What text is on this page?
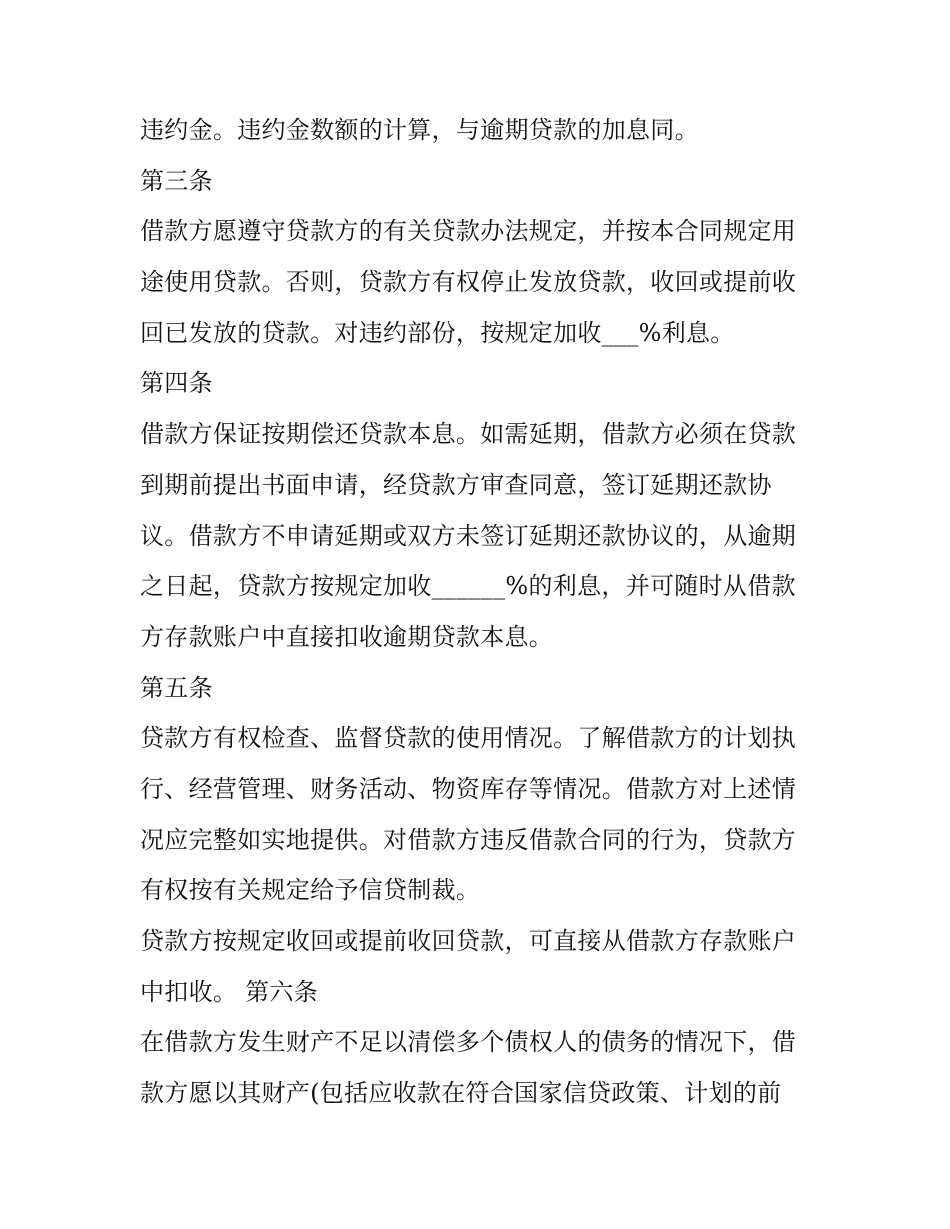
违约金。违约金数额的计算，与逾期贷款的加息同。
第三条
借款方愿遵守贷款方的有关贷款办法规定，并按本合同规定用
途使用贷款。否则，贷款方有权停止发放贷款，收回或提前收
回已发放的贷款。对违约部份，按规定加收___%利息。
第四条
借款方保证按期偿还贷款本息。如需延期，借款方必须在贷款
到期前提出书面申请，经贷款方审查同意，签订延期还款协
议。借款方不申请延期或双方未签订延期还款协议的，从逾期
之日起，贷款方按规定加收______%的利息，并可随时从借款
方存款账户中直接扣收逾期贷款本息。
第五条
贷款方有权检查、监督贷款的使用情况。了解借款方的计划执
行、经营管理、财务活动、物资库存等情况。借款方对上述情
况应完整如实地提供。对借款方违反借款合同的行为，贷款方
有权按有关规定给予信贷制裁。
贷款方按规定收回或提前收回贷款，可直接从借款方存款账户
中扣收。 第六条
在借款方发生财产不足以清偿多个债权人的债务的情况下，借
款方愿以其财产(包括应收款在符合国家信贷政策、计划的前
